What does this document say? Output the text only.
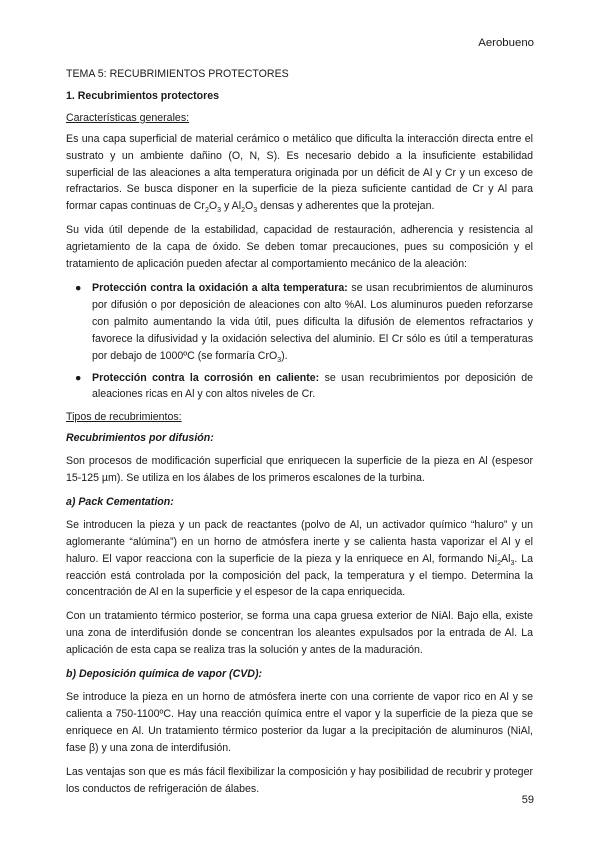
Aerobueno

TEMA 5: RECUBRIMIENTOS PROTECTORES

1. Recubrimientos protectores

Características generales:

Es una capa superficial de material cerámico o metálico que dificulta la interacción directa entre el sustrato y un ambiente dañino (O, N, S). Es necesario debido a la insuficiente estabilidad superficial de las aleaciones a alta temperatura originada por un déficit de Al y Cr y un exceso de refractarios. Se busca disponer en la superficie de la pieza suficiente cantidad de Cr y Al para formar capas continuas de $Cr_2O_3$ y $Al_2O_3$ densas y adherentes que la protejan.

Su vida útil depende de la estabilidad, capacidad de restauración, adherencia y resistencia al agrietamiento de la capa de óxido. Se deben tomar precauciones, pues su composición y el tratamiento de aplicación pueden afectar al comportamiento mecánico de la aleación:

● Protección contra la oxidación a alta temperatura: se usan recubrimientos de aluminuros por difusión o por deposición de aleaciones con alto %Al. Los aluminuros pueden reforzarse con palmito aumentando la vida útil, pues dificulta la difusión de elementos refractarios y favorece la difusividad y la oxidación selectiva del aluminio. El Cr sólo es útil a temperaturas por debajo de 1000ºC (se formaría CrO$_3$).
● Protección contra la corrosión en caliente: se usan recubrimientos por deposición de aleaciones ricas en Al y con altos niveles de Cr.

Tipos de recubrimientos:

Recubrimientos por difusión:

Son procesos de modificación superficial que enriquecen la superficie de la pieza en Al (espesor 15-125 µm). Se utiliza en los álabes de los primeros escalones de la turbina.

a) Pack Cementation:

Se introducen la pieza y un pack de reactantes (polvo de Al, un activador químico “haluro” y un aglomerante “alúmina”) en un horno de atmósfera inerte y se calienta hasta vaporizar el Al y el haluro. El vapor reacciona con la superficie de la pieza y la enriquece en Al, formando $Ni_2Al_3$. La reacción está controlada por la composición del pack, la temperatura y el tiempo. Determina la concentración de Al en la superficie y el espesor de la capa enriquecida.

Con un tratamiento térmico posterior, se forma una capa gruesa exterior de NiAl. Bajo ella, existe una zona de interdifusión donde se concentran los aleantes expulsados por la entrada de Al. La aplicación de esta capa se realiza tras la solución y antes de la maduración.

b) Deposición química de vapor (CVD):

Se introduce la pieza en un horno de atmósfera inerte con una corriente de vapor rico en Al y se calienta a 750-1100ºC. Hay una reacción química entre el vapor y la superficie de la pieza que se enriquece en Al. Un tratamiento térmico posterior da lugar a la precipitación de aluminuros (NiAl, fase β) y una zona de interdifusión.

Las ventajas son que es más fácil flexibilizar la composición y hay posibilidad de recubrir y proteger los conductos de refrigeración de álabes.

59
